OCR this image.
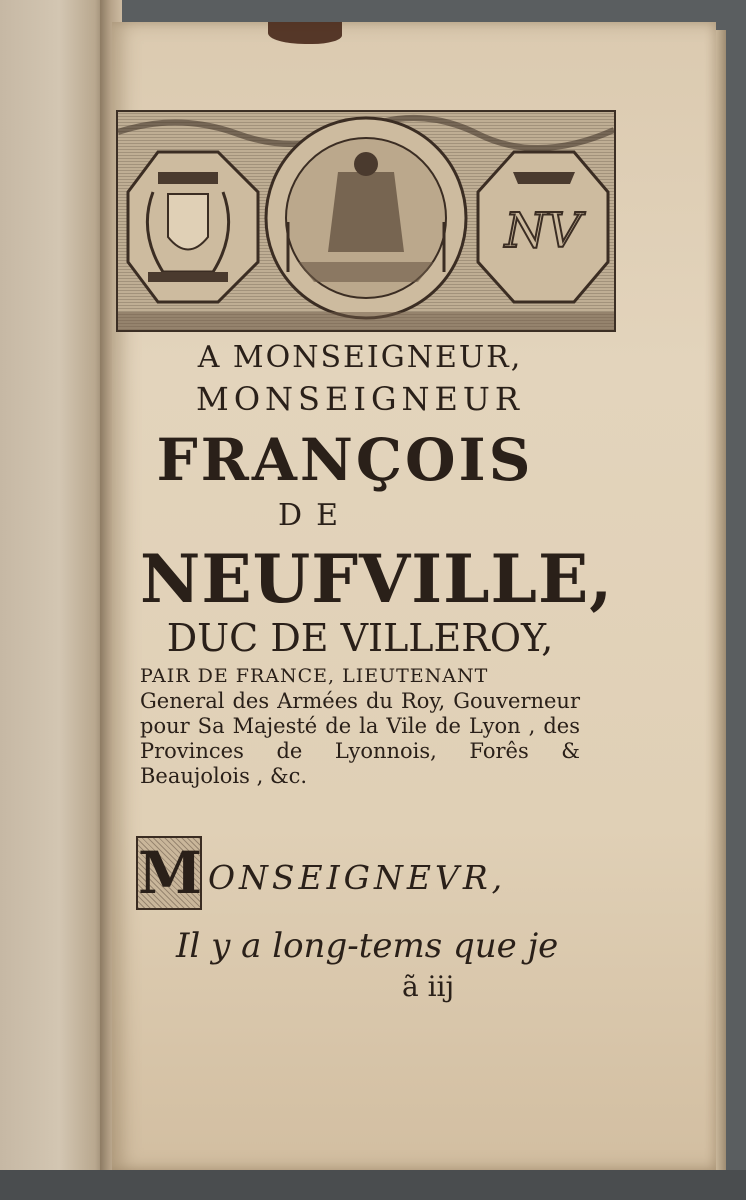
NV
A MONSEIGNEUR,
MONSEIGNEUR
FRANÇOIS
DE
NEUFVILLE,
DUC DE VILLEROY,
PAIR DE FRANCE, LIEUTENANT
General des Armées du Roy, Gouverneur pour Sa Majesté de la Vile de Lyon , des Provinces de Lyonnois, Forês & Beaujolois , &c.
M ONSEIGNEVR,
Il y a long-tems que je
ã iij
